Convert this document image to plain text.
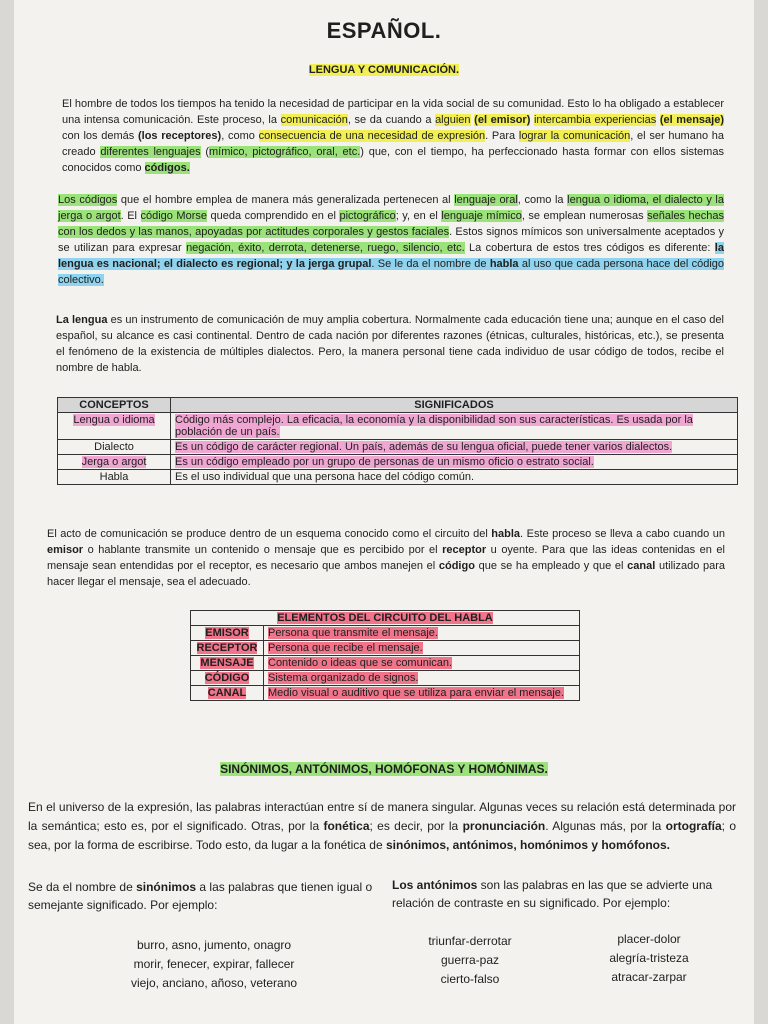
ESPAÑOL.
LENGUA Y COMUNICACIÓN.
El hombre de todos los tiempos ha tenido la necesidad de participar en la vida social de su comunidad. Esto lo ha obligado a establecer una intensa comunicación. Este proceso, la comunicación, se da cuando a alguien (el emisor) intercambia experiencias (el mensaje) con los demás (los receptores), como consecuencia de una necesidad de expresión. Para lograr la comunicación, el ser humano ha creado diferentes lenguajes (mímico, pictográfico, oral, etc.) que, con el tiempo, ha perfeccionado hasta formar con ellos sistemas conocidos como códigos.
Los códigos que el hombre emplea de manera más generalizada pertenecen al lenguaje oral, como la lengua o idioma, el dialecto y la jerga o argot. El código Morse queda comprendido en el pictográfico; y, en el lenguaje mímico, se emplean numerosas señales hechas con los dedos y las manos, apoyadas por actitudes corporales y gestos faciales. Estos signos mímicos son universalmente aceptados y se utilizan para expresar negación, éxito, derrota, detenerse, ruego, silencio, etc. La cobertura de estos tres códigos es diferente: la lengua es nacional; el dialecto es regional; y la jerga grupal. Se le da el nombre de habla al uso que cada persona hace del código colectivo.
La lengua es un instrumento de comunicación de muy amplia cobertura. Normalmente cada educación tiene una; aunque en el caso del español, su alcance es casi continental. Dentro de cada nación por diferentes razones (étnicas, culturales, históricas, etc.), se presenta el fenómeno de la existencia de múltiples dialectos. Pero, la manera personal tiene cada individuo de usar código de todos, recibe el nombre de habla.
CONCEPTOS	SIGNIFICADOS
Lengua o idioma	Código más complejo. La eficacia, la economía y la disponibilidad son sus características. Es usada por la población de un país.
Dialecto	Es un código de carácter regional. Un país, además de su lengua oficial, puede tener varios dialectos.
Jerga o argot	Es un código empleado por un grupo de personas de un mismo oficio o estrato social.
Habla	Es el uso individual que una persona hace del código común.
El acto de comunicación se produce dentro de un esquema conocido como el circuito del habla. Este proceso se lleva a cabo cuando un emisor o hablante transmite un contenido o mensaje que es percibido por el receptor u oyente. Para que las ideas contenidas en el mensaje sean entendidas por el receptor, es necesario que ambos manejen el código que se ha empleado y que el canal utilizado para hacer llegar el mensaje, sea el adecuado.
ELEMENTOS DEL CIRCUITO DEL HABLA	
EMISOR	Persona que transmite el mensaje.
RECEPTOR	Persona que recibe el mensaje.
MENSAJE	Contenido o ideas que se comunican.
CÓDIGO	Sistema organizado de signos.
CANAL	Medio visual o auditivo que se utiliza para enviar el mensaje.
SINÓNIMOS, ANTÓNIMOS, HOMÓFONAS Y HOMÓNIMAS.
En el universo de la expresión, las palabras interactúan entre sí de manera singular. Algunas veces su relación está determinada por la semántica; esto es, por el significado. Otras, por la fonética; es decir, por la pronunciación. Algunas más, por la ortografía; o sea, por la forma de escribirse. Todo esto, da lugar a la fonética de sinónimos, antónimos, homónimos y homófonos.
Se da el nombre de sinónimos a las palabras que tienen igual o semejante significado. Por ejemplo:
Los antónimos son las palabras en las que se advierte una relación de contraste en su significado. Por ejemplo:
burro, asno, jumento, onagro
morir, fenecer, expirar, fallecer
viejo, anciano, añoso, veterano
triunfar-derrotar
guerra-paz
cierto-falso
placer-dolor
alegría-tristeza
atracar-zarpar
